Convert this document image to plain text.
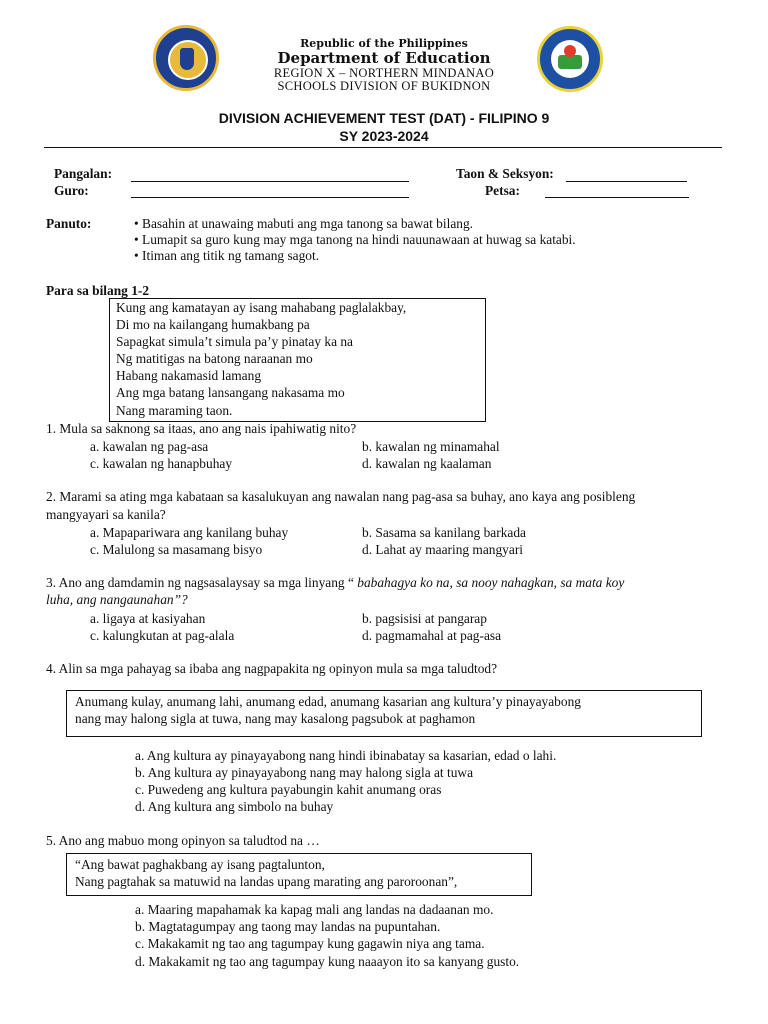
Republic of the Philippines
Department of Education
REGION X – NORTHERN MINDANAO
SCHOOLS DIVISION OF BUKIDNON
DIVISION ACHIEVEMENT TEST (DAT) - FILIPINO 9
SY 2023-2024
Pangalan:
Guro:
Taon & Seksyon:
Petsa:
Panuto:	• Basahin at unawaing mabuti ang mga tanong sa bawat bilang.
• Lumapit sa guro kung may mga tanong na hindi nauunawaan at huwag sa katabi.
• Itiman ang titik ng tamang sagot.
Para sa bilang 1-2
Kung ang kamatayan ay isang mahabang paglalakbay,
Di mo na kailangang humakbang pa
Sapagkat simula’t simula pa’y pinatay ka na
Ng matitigas na batong naraanan mo
Habang nakamasid lamang
Ang mga batang lansangang nakasama mo
Nang maraming taon.
1. Mula sa saknong sa itaas, ano ang nais ipahiwatig nito?
a. kawalan ng pag-asa	b. kawalan ng minamahal
c. kawalan ng hanapbuhay	d. kawalan ng kaalaman
2. Marami sa ating mga kabataan sa kasalukuyan ang nawalan nang pag-asa sa buhay, ano kaya ang posibleng
mangyayari sa kanila?
a. Mapapariwara ang kanilang buhay	b. Sasama sa kanilang barkada
c. Malulong sa masamang bisyo	d. Lahat ay maaring mangyari
3. Ano ang damdamin ng nagsasalaysay sa mga linyang “ babahagya ko na, sa nooy nahagkan, sa mata koy
luha, ang nangaunahan”?
a. ligaya at kasiyahan	b. pagsisisi at pangarap
c. kalungkutan at pag-alala	d. pagmamahal at pag-asa
4. Alin sa mga pahayag sa ibaba ang nagpapakita ng opinyon mula sa mga taludtod?
Anumang kulay, anumang lahi, anumang edad, anumang kasarian ang kultura’y pinayayabong
nang may halong sigla at tuwa, nang may kasalong pagsubok at paghamon
a. Ang kultura ay pinayayabong nang hindi ibinabatay sa kasarian, edad o lahi.
b. Ang kultura ay pinayayabong nang may halong sigla at tuwa
c. Puwedeng ang kultura payabungin kahit anumang oras
d. Ang kultura ang simbolo na buhay
5. Ano ang mabuo mong opinyon sa taludtod na …
“Ang bawat paghakbang ay isang pagtalunton,
Nang pagtahak sa matuwid na landas upang marating ang paroroonan”,
a. Maaring mapahamak ka kapag mali ang landas na dadaanan mo.
b. Magtatagumpay ang taong may landas na pupuntahan.
c. Makakamit ng tao ang tagumpay kung gagawin niya ang tama.
d. Makakamit ng tao ang tagumpay kung naaayon ito sa kanyang gusto.
